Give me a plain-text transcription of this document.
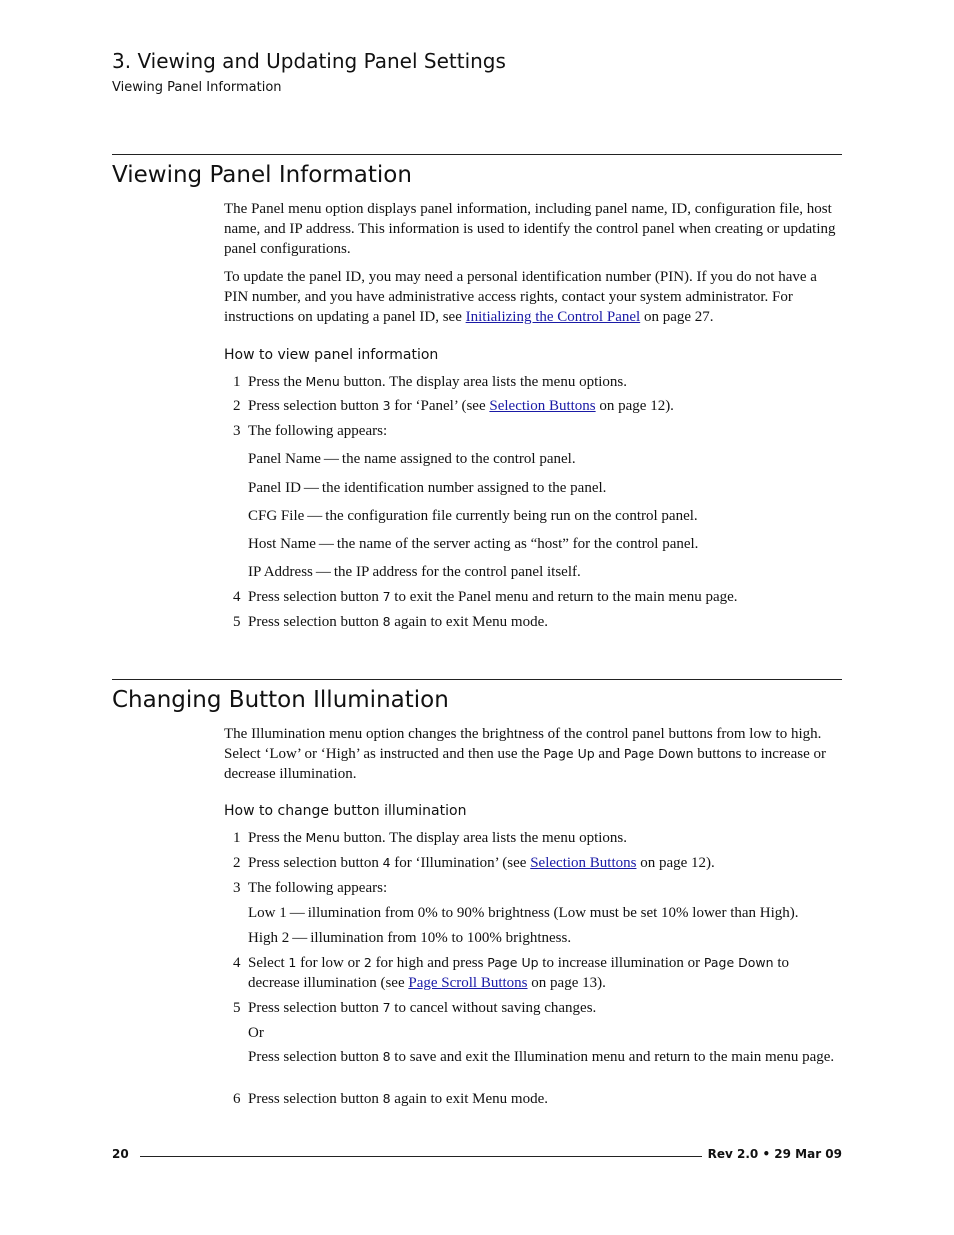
3. Viewing and Updating Panel Settings
Viewing Panel Information
Viewing Panel Information

The Panel menu option displays panel information, including panel name, ID, configuration file, host name, and IP address. This information is used to identify the control panel when creating or updating panel configurations.

To update the panel ID, you may need a personal identification number (PIN). If you do not have a PIN number, and you have administrative access rights, contact your system administrator. For instructions on updating a panel ID, see Initializing the Control Panel on page 27.

How to view panel information
1 Press the Menu button. The display area lists the menu options.
2 Press selection button 3 for ‘Panel’ (see Selection Buttons on page 12).
3 The following appears:
Panel Name — the name assigned to the control panel.
Panel ID — the identification number assigned to the panel.
CFG File — the configuration file currently being run on the control panel.
Host Name — the name of the server acting as “host” for the control panel.
IP Address — the IP address for the control panel itself.
4 Press selection button 7 to exit the Panel menu and return to the main menu page.
5 Press selection button 8 again to exit Menu mode.
Changing Button Illumination

The Illumination menu option changes the brightness of the control panel buttons from low to high. Select ‘Low’ or ‘High’ as instructed and then use the Page Up and Page Down buttons to increase or decrease illumination.

How to change button illumination
1 Press the Menu button. The display area lists the menu options.
2 Press selection button 4 for ‘Illumination’ (see Selection Buttons on page 12).
3 The following appears:
Low 1 — illumination from 0% to 90% brightness (Low must be set 10% lower than High).
High 2 — illumination from 10% to 100% brightness.
4 Select 1 for low or 2 for high and press Page Up to increase illumination or Page Down to decrease illumination (see Page Scroll Buttons on page 13).
5 Press selection button 7 to cancel without saving changes.
Or
Press selection button 8 to save and exit the Illumination menu and return to the main menu page.
6 Press selection button 8 again to exit Menu mode.
20	Rev 2.0 • 29 Mar 09
